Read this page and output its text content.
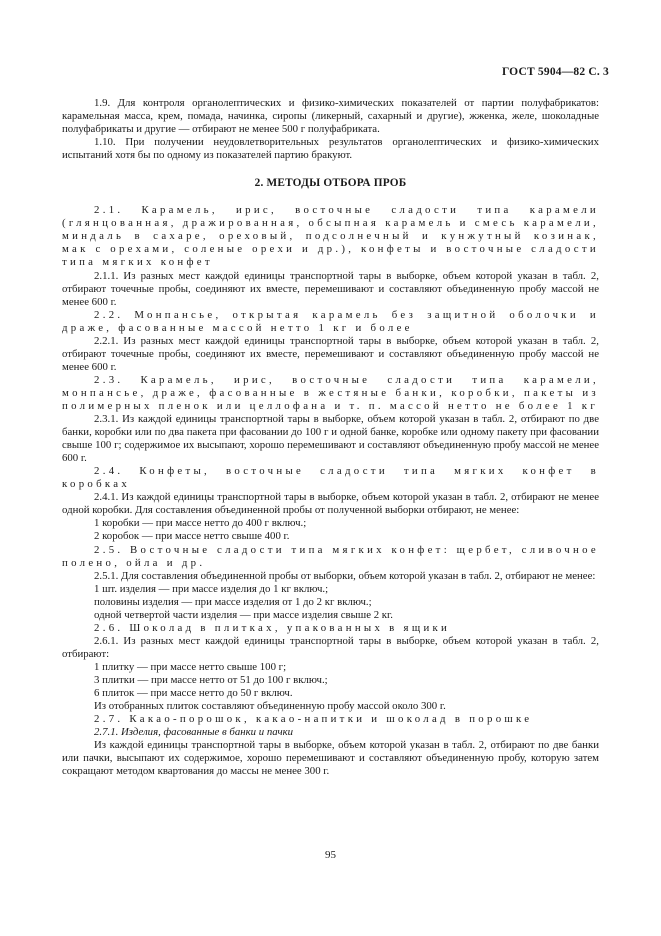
ГОСТ 5904—82 С. 3

1.9. Для контроля органолептических и физико-химических показателей от партии полуфабрикатов: карамельная масса, крем, помада, начинка, сиропы (ликерный, сахарный и другие), жженка, желе, шоколадные полуфабрикаты и другие — отбирают не менее 500 г полуфабриката.

1.10. При получении неудовлетворительных результатов органолептических и физико-химических испытаний хотя бы по одному из показателей партию бракуют.

2. МЕТОДЫ ОТБОРА ПРОБ

2.1. Карамель, ирис, восточные сладости типа карамели (глянцованная, дражированная, обсыпная карамель и смесь карамели, миндаль в сахаре, ореховый, подсолнечный и кунжутный козинак, мак с орехами, соленые орехи и др.), конфеты и восточные сладости типа мягких конфет

2.1.1. Из разных мест каждой единицы транспортной тары в выборке, объем которой указан в табл. 2, отбирают точечные пробы, соединяют их вместе, перемешивают и составляют объединенную пробу массой не менее 600 г.

2.2. Монпансье, открытая карамель без защитной оболочки и драже, фасованные массой нетто 1 кг и более

2.2.1. Из разных мест каждой единицы транспортной тары в выборке, объем которой указан в табл. 2, отбирают точечные пробы, соединяют их вместе, перемешивают и составляют объединенную пробу массой не менее 600 г.

2.3. Карамель, ирис, восточные сладости типа карамели, монпансье, драже, фасованные в жестяные банки, коробки, пакеты из полимерных пленок или целлофана и т. п. массой нетто не более 1 кг

2.3.1. Из каждой единицы транспортной тары в выборке, объем которой указан в табл. 2, отбирают по две банки, коробки или по два пакета при фасовании до 100 г и одной банке, коробке или одному пакету при фасовании свыше 100 г; содержимое их высыпают, хорошо перемешивают и составляют объединенную пробу массой не менее 600 г.

2.4. Конфеты, восточные сладости типа мягких конфет в коробках

2.4.1. Из каждой единицы транспортной тары в выборке, объем которой указан в табл. 2, отбирают не менее одной коробки. Для составления объединенной пробы от полученной выборки отбирают, не менее:

1 коробки — при массе нетто до 400 г включ.;

2 коробок — при массе нетто свыше 400 г.

2.5. Восточные сладости типа мягких конфет: щербет, сливочное полено, ойла и др.

2.5.1. Для составления объединенной пробы от выборки, объем которой указан в табл. 2, отбирают не менее:

1 шт. изделия — при массе изделия до 1 кг включ.;

половины изделия — при массе изделия от 1 до 2 кг включ.;

одной четвертой части изделия — при массе изделия свыше 2 кг.

2.6. Шоколад в плитках, упакованных в ящики

2.6.1. Из разных мест каждой единицы транспортной тары в выборке, объем которой указан в табл. 2, отбирают:

1 плитку — при массе нетто свыше 100 г;

3 плитки — при массе нетто от 51 до 100 г включ.;

6 плиток — при массе нетто до 50 г включ.

Из отобранных плиток составляют объединенную пробу массой около 300 г.

2.7. Какао-порошок, какао-напитки и шоколад в порошке

2.7.1. Изделия, фасованные в банки и пачки

Из каждой единицы транспортной тары в выборке, объем которой указан в табл. 2, отбирают по две банки или пачки, высыпают их содержимое, хорошо перемешивают и составляют объединенную пробу, которую затем сокращают методом квартования до массы не менее 300 г.

95
